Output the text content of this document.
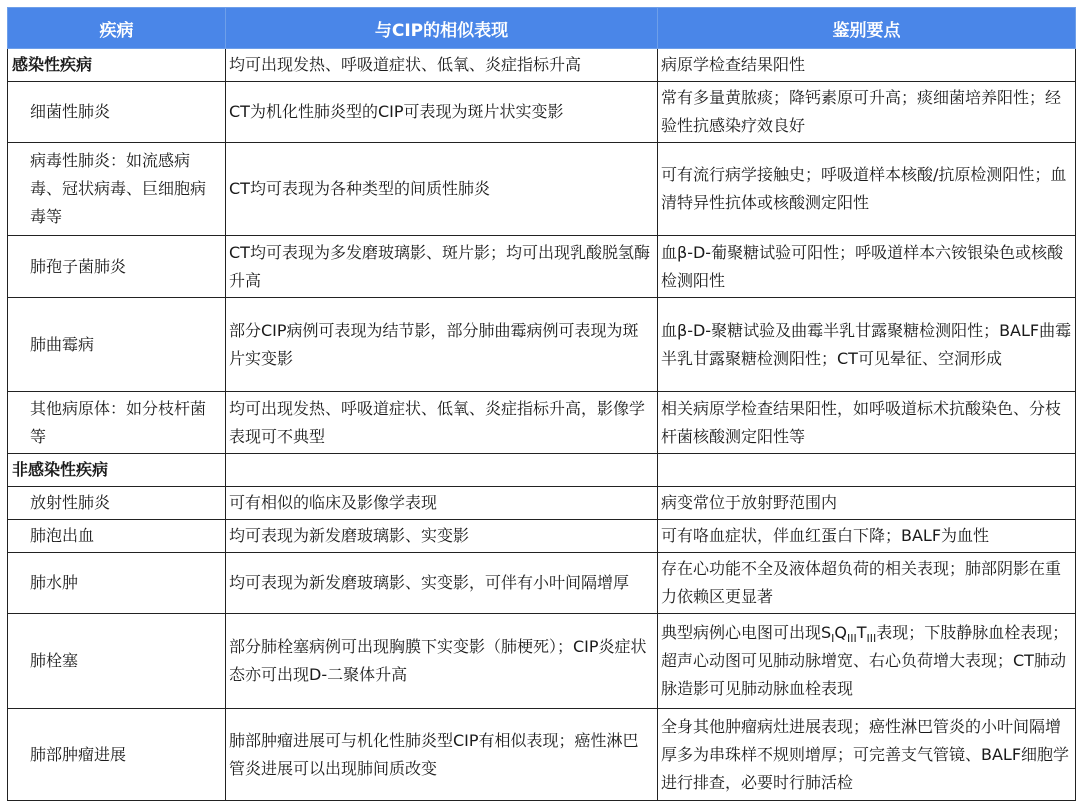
疾病	与CIP的相似表现	鉴别要点
感染性疾病	均可出现发热、呼吸道症状、低氧、炎症指标升高	病原学检查结果阳性
细菌性肺炎	CT为机化性肺炎型的CIP可表现为斑片状实变影	常有多量黄脓痰；降钙素原可升高；痰细菌培养阳性；经验性抗感染疗效良好
病毒性肺炎：如流感病毒、冠状病毒、巨细胞病毒等	CT均可表现为各种类型的间质性肺炎	可有流行病学接触史；呼吸道样本核酸/抗原检测阳性；血清特异性抗体或核酸测定阳性
肺孢子菌肺炎	CT均可表现为多发磨玻璃影、斑片影；均可出现乳酸脱氢酶升高	血β-D-葡聚糖试验可阳性；呼吸道样本六铵银染色或核酸检测阳性
肺曲霉病	部分CIP病例可表现为结节影，部分肺曲霉病例可表现为斑片实变影	血β-D-聚糖试验及曲霉半乳甘露聚糖检测阳性；BALF曲霉半乳甘露聚糖检测阳性；CT可见晕征、空洞形成
其他病原体：如分枝杆菌等	均可出现发热、呼吸道症状、低氧、炎症指标升高，影像学表现可不典型	相关病原学检查结果阳性，如呼吸道标术抗酸染色、分枝杆菌核酸测定阳性等
非感染性疾病		
放射性肺炎	可有相似的临床及影像学表现	病变常位于放射野范围内
肺泡出血	均可表现为新发磨玻璃影、实变影	可有咯血症状，伴血红蛋白下降；BALF为血性
肺水肿	均可表现为新发磨玻璃影、实变影，可伴有小叶间隔增厚	存在心功能不全及液体超负荷的相关表现；肺部阴影在重力依赖区更显著
肺栓塞	部分肺栓塞病例可出现胸膜下实变影（肺梗死）；CIP炎症状态亦可出现D-二聚体升高	典型病例心电图可出现$S_IQ_{III}T_{III}$表现；下肢静脉血栓表现；超声心动图可见肺动脉增宽、右心负荷增大表现；CT肺动脉造影可见肺动脉血栓表现
肺部肿瘤进展	肺部肿瘤进展可与机化性肺炎型CIP有相似表现；癌性淋巴管炎进展可以出现肺间质改变	全身其他肿瘤病灶进展表现；癌性淋巴管炎的小叶间隔增厚多为串珠样不规则增厚；可完善支气管镜、BALF细胞学进行排查，必要时行肺活检
